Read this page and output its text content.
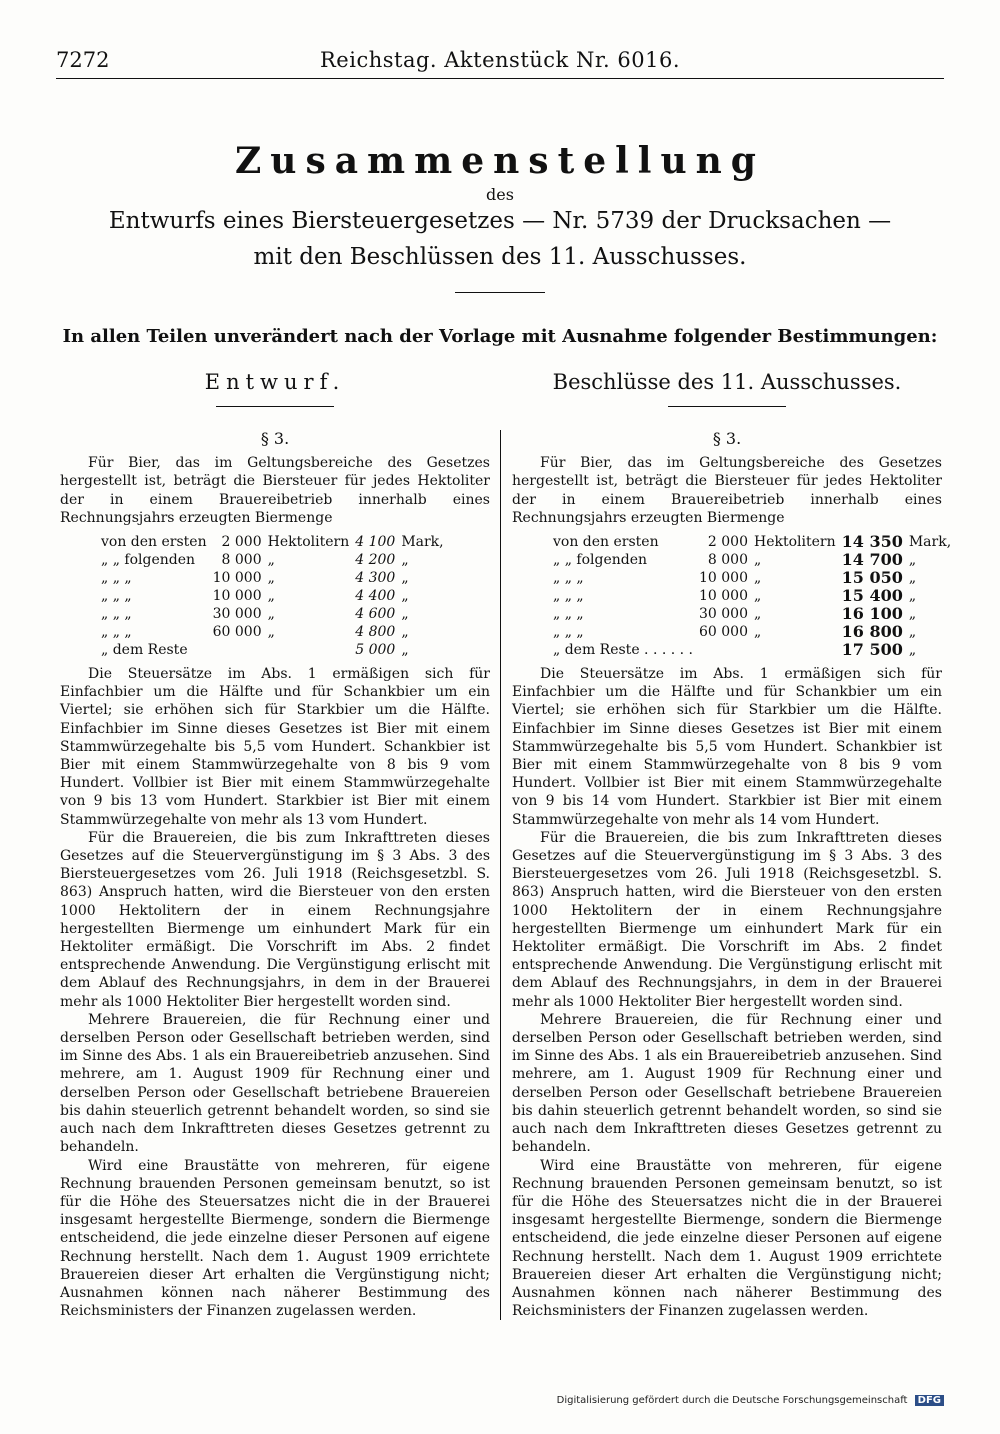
7272	Reichstag. Aktenstück Nr. 6016.
Zusammenstellung
des
Entwurfs eines Biersteuergesetzes — Nr. 5739 der Drucksachen —
mit den Beschlüssen des 11. Ausschusses.
In allen Teilen unverändert nach der Vorlage mit Ausnahme folgender Bestimmungen:
Entwurf.	Beschlüsse des 11. Ausschusses.
§ 3.

Für Bier, das im Geltungsbereiche des Gesetzes hergestellt ist, beträgt die Biersteuer für jedes Hektoliter der in einem Brauereibetrieb innerhalb eines Rechnungsjahrs erzeugten Biermenge

von den ersten	2 000	Hektolitern	4 100	Mark,
„ „ folgenden	8 000	„	4 200	„
„ „ „	10 000	„	4 300	„
„ „ „	10 000	„	4 400	„
„ „ „	30 000	„	4 600	„
„ „ „	60 000	„	4 800	„
„ dem Reste			5 000	„

Die Steuersätze im Abs. 1 ermäßigen sich für Einfachbier um die Hälfte und für Schankbier um ein Viertel; sie erhöhen sich für Starkbier um die Hälfte. Einfachbier im Sinne dieses Gesetzes ist Bier mit einem Stammwürzegehalte bis 5,5 vom Hundert. Schankbier ist Bier mit einem Stammwürzegehalte von 8 bis 9 vom Hundert. Vollbier ist Bier mit einem Stammwürzegehalte von 9 bis 13 vom Hundert. Starkbier ist Bier mit einem Stammwürzegehalte von mehr als 13 vom Hundert.

Für die Brauereien, die bis zum Inkrafttreten dieses Gesetzes auf die Steuervergünstigung im § 3 Abs. 3 des Biersteuergesetzes vom 26. Juli 1918 (Reichsgesetzbl. S. 863) Anspruch hatten, wird die Biersteuer von den ersten 1000 Hektolitern der in einem Rechnungsjahre hergestellten Biermenge um einhundert Mark für ein Hektoliter ermäßigt. Die Vorschrift im Abs. 2 findet entsprechende Anwendung. Die Vergünstigung erlischt mit dem Ablauf des Rechnungsjahrs, in dem in der Brauerei mehr als 1000 Hektoliter Bier hergestellt worden sind.

Mehrere Brauereien, die für Rechnung einer und derselben Person oder Gesellschaft betrieben werden, sind im Sinne des Abs. 1 als ein Brauereibetrieb anzusehen. Sind mehrere, am 1. August 1909 für Rechnung einer und derselben Person oder Gesellschaft betriebene Brauereien bis dahin steuerlich getrennt behandelt worden, so sind sie auch nach dem Inkrafttreten dieses Gesetzes getrennt zu behandeln.

Wird eine Braustätte von mehreren, für eigene Rechnung brauenden Personen gemeinsam benutzt, so ist für die Höhe des Steuersatzes nicht die in der Brauerei insgesamt hergestellte Biermenge, sondern die Biermenge entscheidend, die jede einzelne dieser Personen auf eigene Rechnung herstellt. Nach dem 1. August 1909 errichtete Brauereien dieser Art erhalten die Vergünstigung nicht; Ausnahmen können nach näherer Bestimmung des Reichsministers der Finanzen zugelassen werden.

§ 3.

Für Bier, das im Geltungsbereiche des Gesetzes hergestellt ist, beträgt die Biersteuer für jedes Hektoliter der in einem Brauereibetrieb innerhalb eines Rechnungsjahrs erzeugten Biermenge

von den ersten	2 000	Hektolitern	14 350	Mark,
„ „ folgenden	8 000	„	14 700	„
„ „ „	10 000	„	15 050	„
„ „ „	10 000	„	15 400	„
„ „ „	30 000	„	16 100	„
„ „ „	60 000	„	16 800	„
„ dem Reste . . . . . .			17 500	„

Die Steuersätze im Abs. 1 ermäßigen sich für Einfachbier um die Hälfte und für Schankbier um ein Viertel; sie erhöhen sich für Starkbier um die Hälfte. Einfachbier im Sinne dieses Gesetzes ist Bier mit einem Stammwürzegehalte bis 5,5 vom Hundert. Schankbier ist Bier mit einem Stammwürzegehalte von 8 bis 9 vom Hundert. Vollbier ist Bier mit einem Stammwürzegehalte von 9 bis 14 vom Hundert. Starkbier ist Bier mit einem Stammwürzegehalte von mehr als 14 vom Hundert.

Für die Brauereien, die bis zum Inkrafttreten dieses Gesetzes auf die Steuervergünstigung im § 3 Abs. 3 des Biersteuergesetzes vom 26. Juli 1918 (Reichsgesetzbl. S. 863) Anspruch hatten, wird die Biersteuer von den ersten 1000 Hektolitern der in einem Rechnungsjahre hergestellten Biermenge um einhundert Mark für ein Hektoliter ermäßigt. Die Vorschrift im Abs. 2 findet entsprechende Anwendung. Die Vergünstigung erlischt mit dem Ablauf des Rechnungsjahrs, in dem in der Brauerei mehr als 1000 Hektoliter Bier hergestellt worden sind.

Mehrere Brauereien, die für Rechnung einer und derselben Person oder Gesellschaft betrieben werden, sind im Sinne des Abs. 1 als ein Brauereibetrieb anzusehen. Sind mehrere, am 1. August 1909 für Rechnung einer und derselben Person oder Gesellschaft betriebene Brauereien bis dahin steuerlich getrennt behandelt worden, so sind sie auch nach dem Inkrafttreten dieses Gesetzes getrennt zu behandeln.

Wird eine Braustätte von mehreren, für eigene Rechnung brauenden Personen gemeinsam benutzt, so ist für die Höhe des Steuersatzes nicht die in der Brauerei insgesamt hergestellte Biermenge, sondern die Biermenge entscheidend, die jede einzelne dieser Personen auf eigene Rechnung herstellt. Nach dem 1. August 1909 errichtete Brauereien dieser Art erhalten die Vergünstigung nicht; Ausnahmen können nach näherer Bestimmung des Reichsministers der Finanzen zugelassen werden.

Digitalisierung gefördert durch die Deutsche Forschungsgemeinschaft DFG
